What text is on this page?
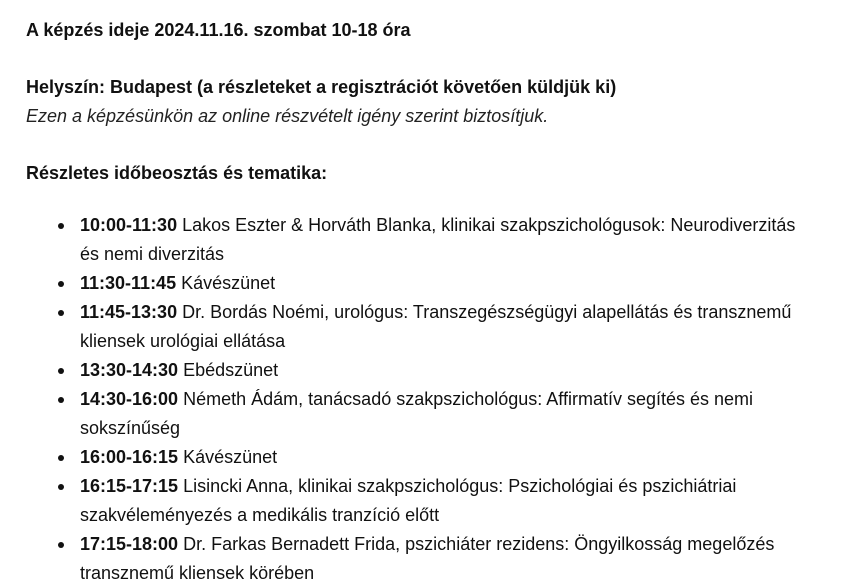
A képzés ideje 2024.11.16. szombat 10-18 óra

Helyszín: Budapest (a részleteket a regisztrációt követően küldjük ki)

Ezen a képzésünkön az online részvételt igény szerint biztosítjuk.

Részletes időbeosztás és tematika:

10:00-11:30 Lakos Eszter & Horváth Blanka, klinikai szakpszichológusok: Neurodiverzitás és nemi diverzitás
11:30-11:45 Kávészünet
11:45-13:30 Dr. Bordás Noémi, urológus: Transzegészségügyi alapellátás és transznemű kliensek urológiai ellátása
13:30-14:30 Ebédszünet
14:30-16:00 Németh Ádám, tanácsadó szakpszichológus: Affirmatív segítés és nemi sokszínűség
16:00-16:15 Kávészünet
16:15-17:15 Lisincki Anna, klinikai szakpszichológus: Pszichológiai és pszichiátriai szakvéleményezés a medikális tranzíció előtt
17:15-18:00 Dr. Farkas Bernadett Frida, pszichiáter rezidens: Öngyilkosság megelőzés transznemű kliensek körében
